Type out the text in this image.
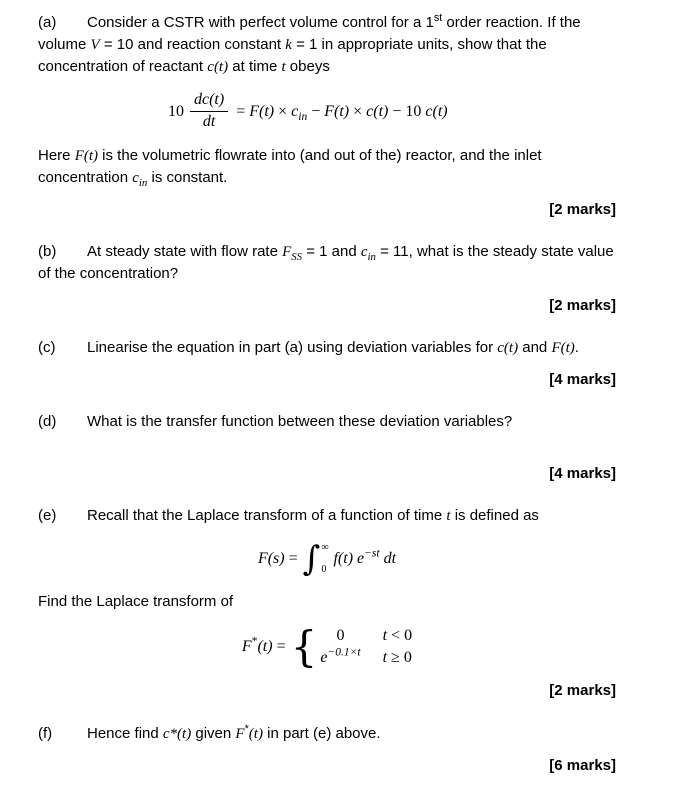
(a) Consider a CSTR with perfect volume control for a 1st order reaction. If the volume V = 10 and reaction constant k = 1 in appropriate units, show that the concentration of reactant c(t) at time t obeys

$10 \frac{dc(t)}{dt} = F(t) \times c_{in} - F(t) \times c(t) - 10$ c(t)

Here F(t) is the volumetric flowrate into (and out of the) reactor, and the inlet concentration $c_{in}$ is constant.

[2 marks]

(b) At steady state with flow rate $F_{SS} = 1$ and $c_{in} = 11$, what is the steady state value of the concentration?

[2 marks]

(c) Linearise the equation in part (a) using deviation variables for c(t) and F(t).

[4 marks]

(d) What is the transfer function between these deviation variables?

[4 marks]

(e) Recall that the Laplace transform of a function of time t is defined as

F(s) = ∫ ∞
0
f(t) $e^{-st}$ dt

Find the Laplace transform of

F*(t) = {	0	t < 0
$e^{-0.1\times t}$ t ≥ 0
[2 marks]

(f) Hence find c*(t) given F*(t) in part (e) above.

[6 marks]
